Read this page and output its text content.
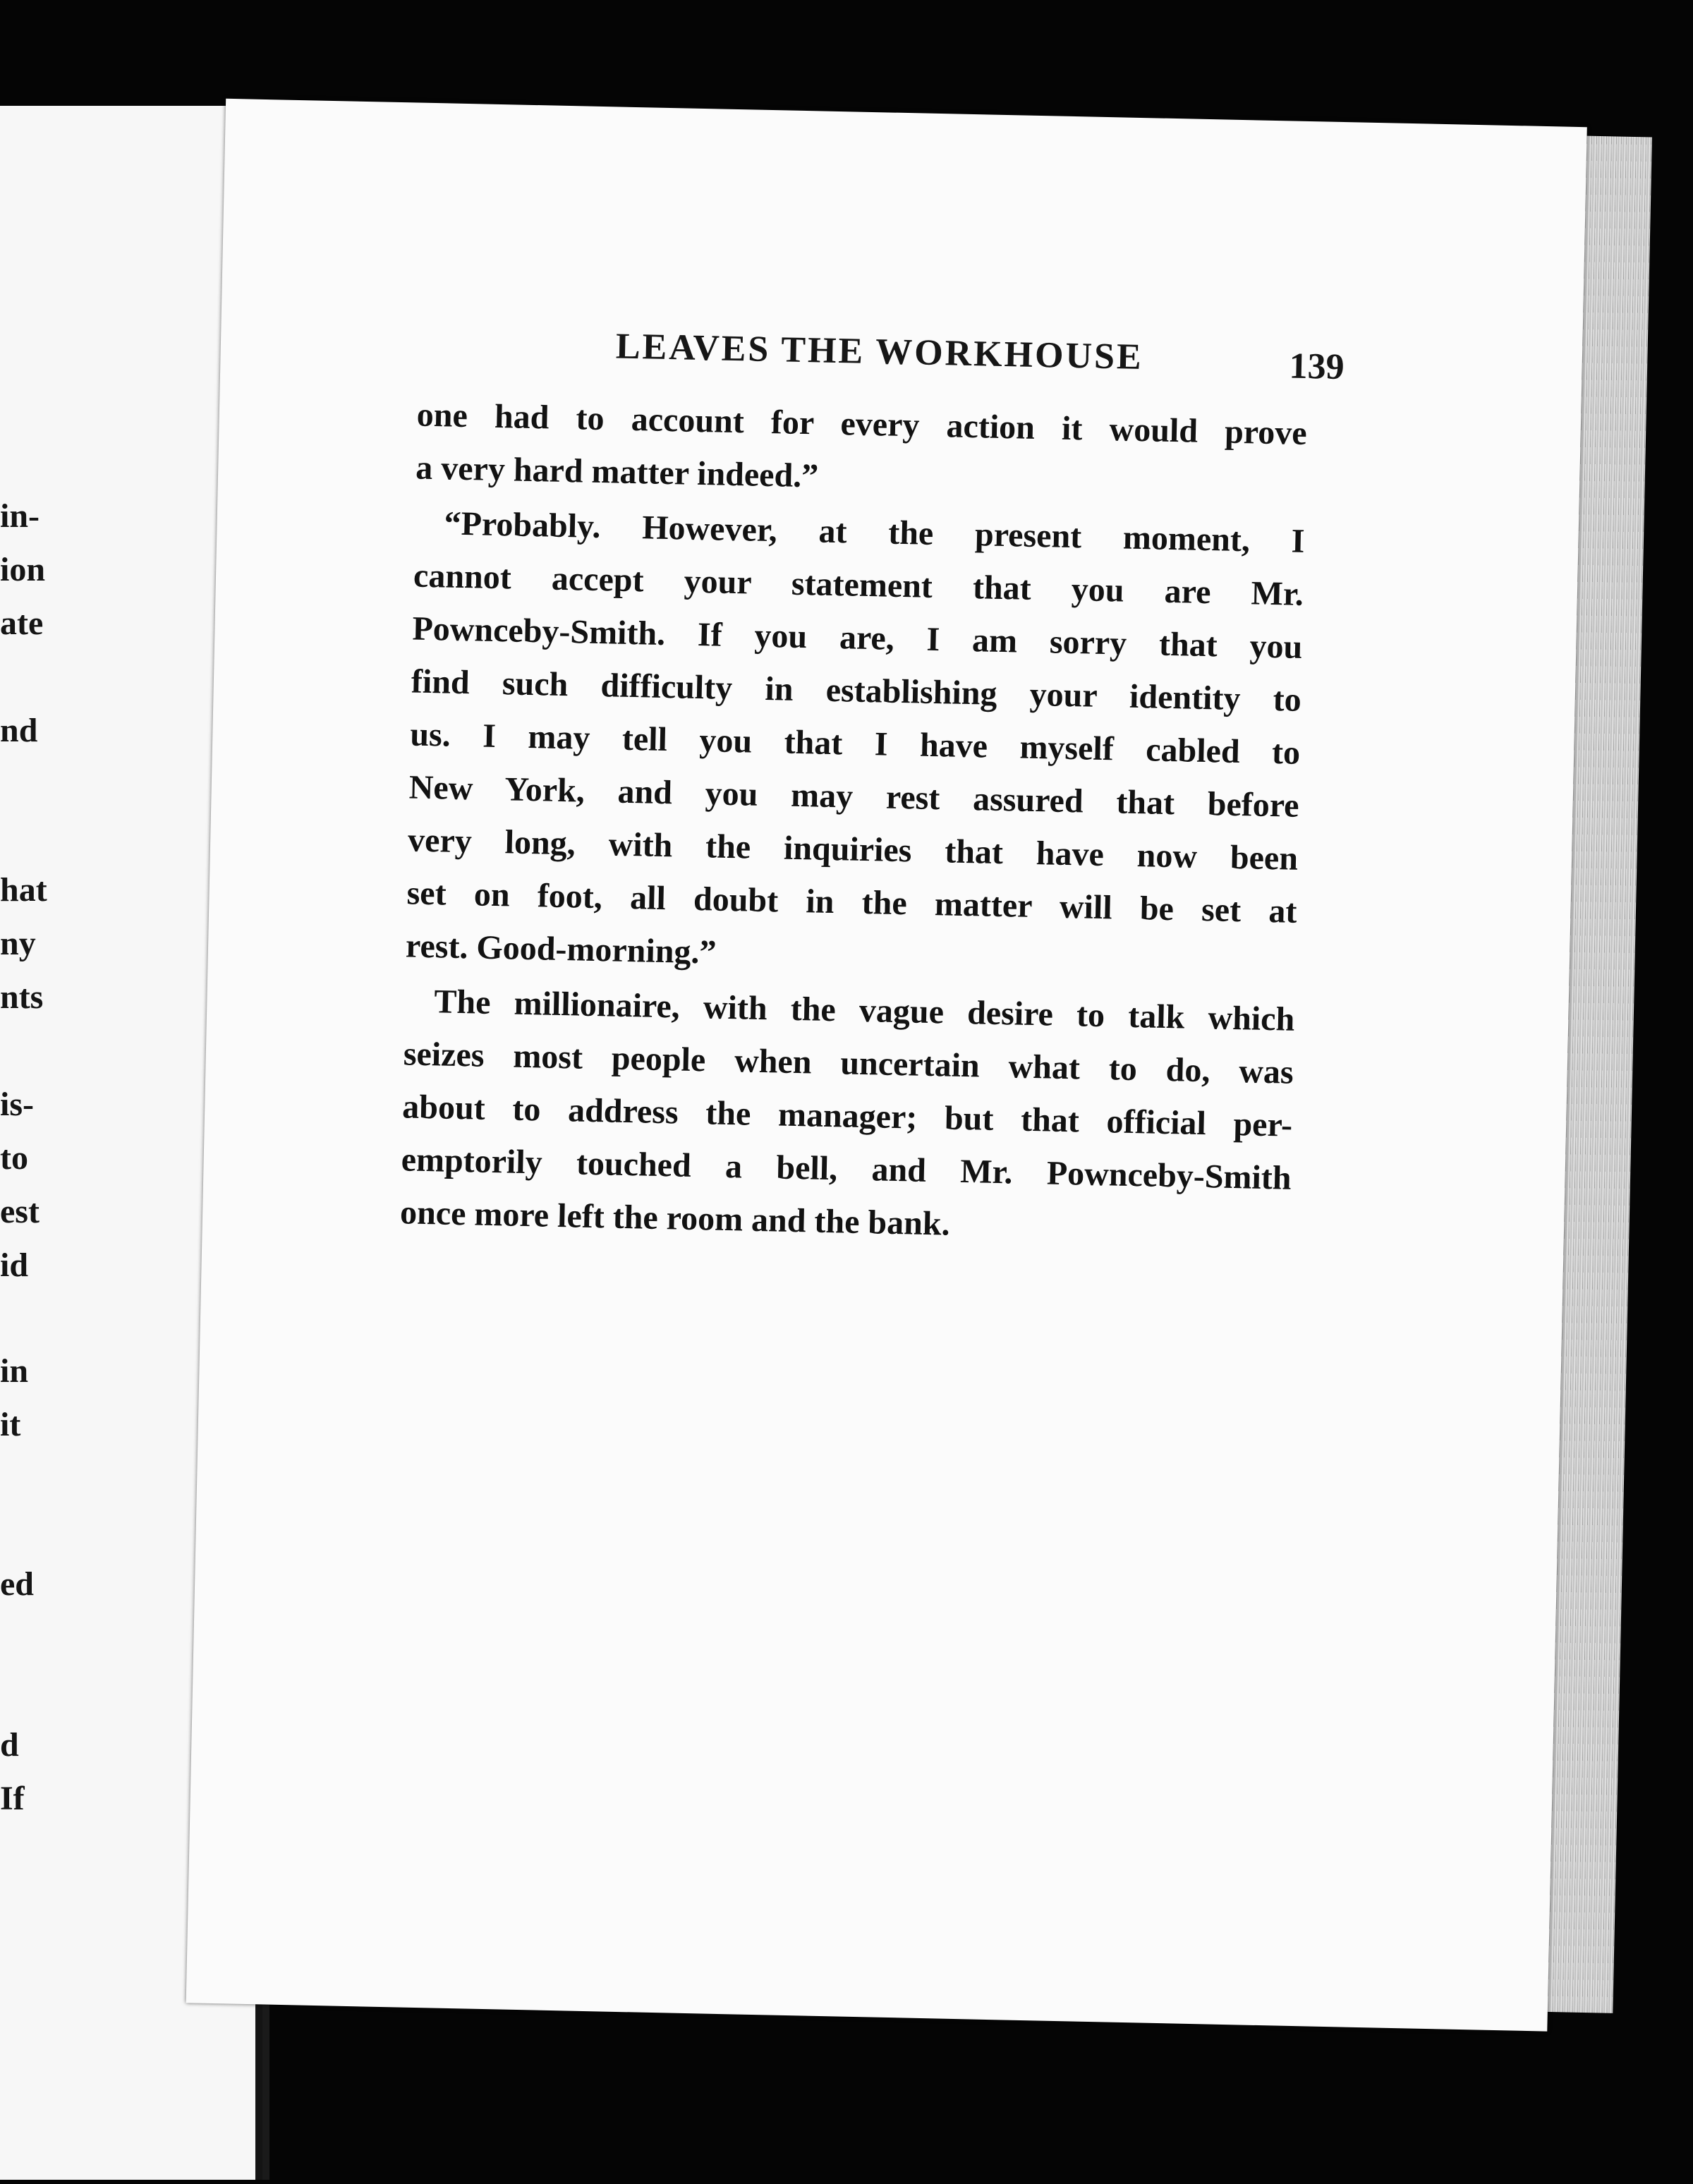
in-
ion
ate
nd
hat
ny
nts
is-
to
est
id
in
it
ed
d
If
LEAVES THE WORKHOUSE	139
one had to account for every action it would prove
a very hard matter indeed.”
“Probably. However, at the present moment, I
cannot accept your statement that you are Mr.
Pownceby-Smith. If you are, I am sorry that you
find such difficulty in establishing your identity to
us. I may tell you that I have myself cabled to
New York, and you may rest assured that before
very long, with the inquiries that have now been
set on foot, all doubt in the matter will be set at
rest. Good-morning.”
The millionaire, with the vague desire to talk which
seizes most people when uncertain what to do, was
about to address the manager; but that official per-
emptorily touched a bell, and Mr. Pownceby-Smith
once more left the room and the bank.
